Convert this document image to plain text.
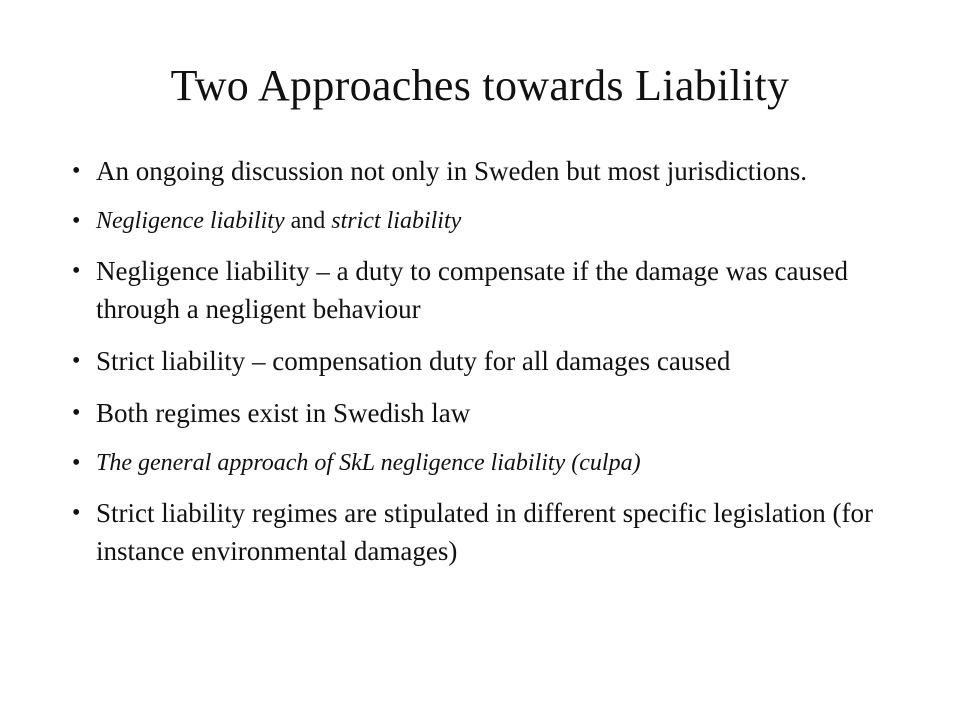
Two Approaches towards Liability
• An ongoing discussion not only in Sweden but most jurisdictions.
• Negligence liability and strict liability
• Negligence liability – a duty to compensate if the damage was caused through a negligent behaviour
• Strict liability – compensation duty for all damages caused
• Both regimes exist in Swedish law
• The general approach of SkL negligence liability (culpa)
• Strict liability regimes are stipulated in different specific legislation (for instance environmental damages)
